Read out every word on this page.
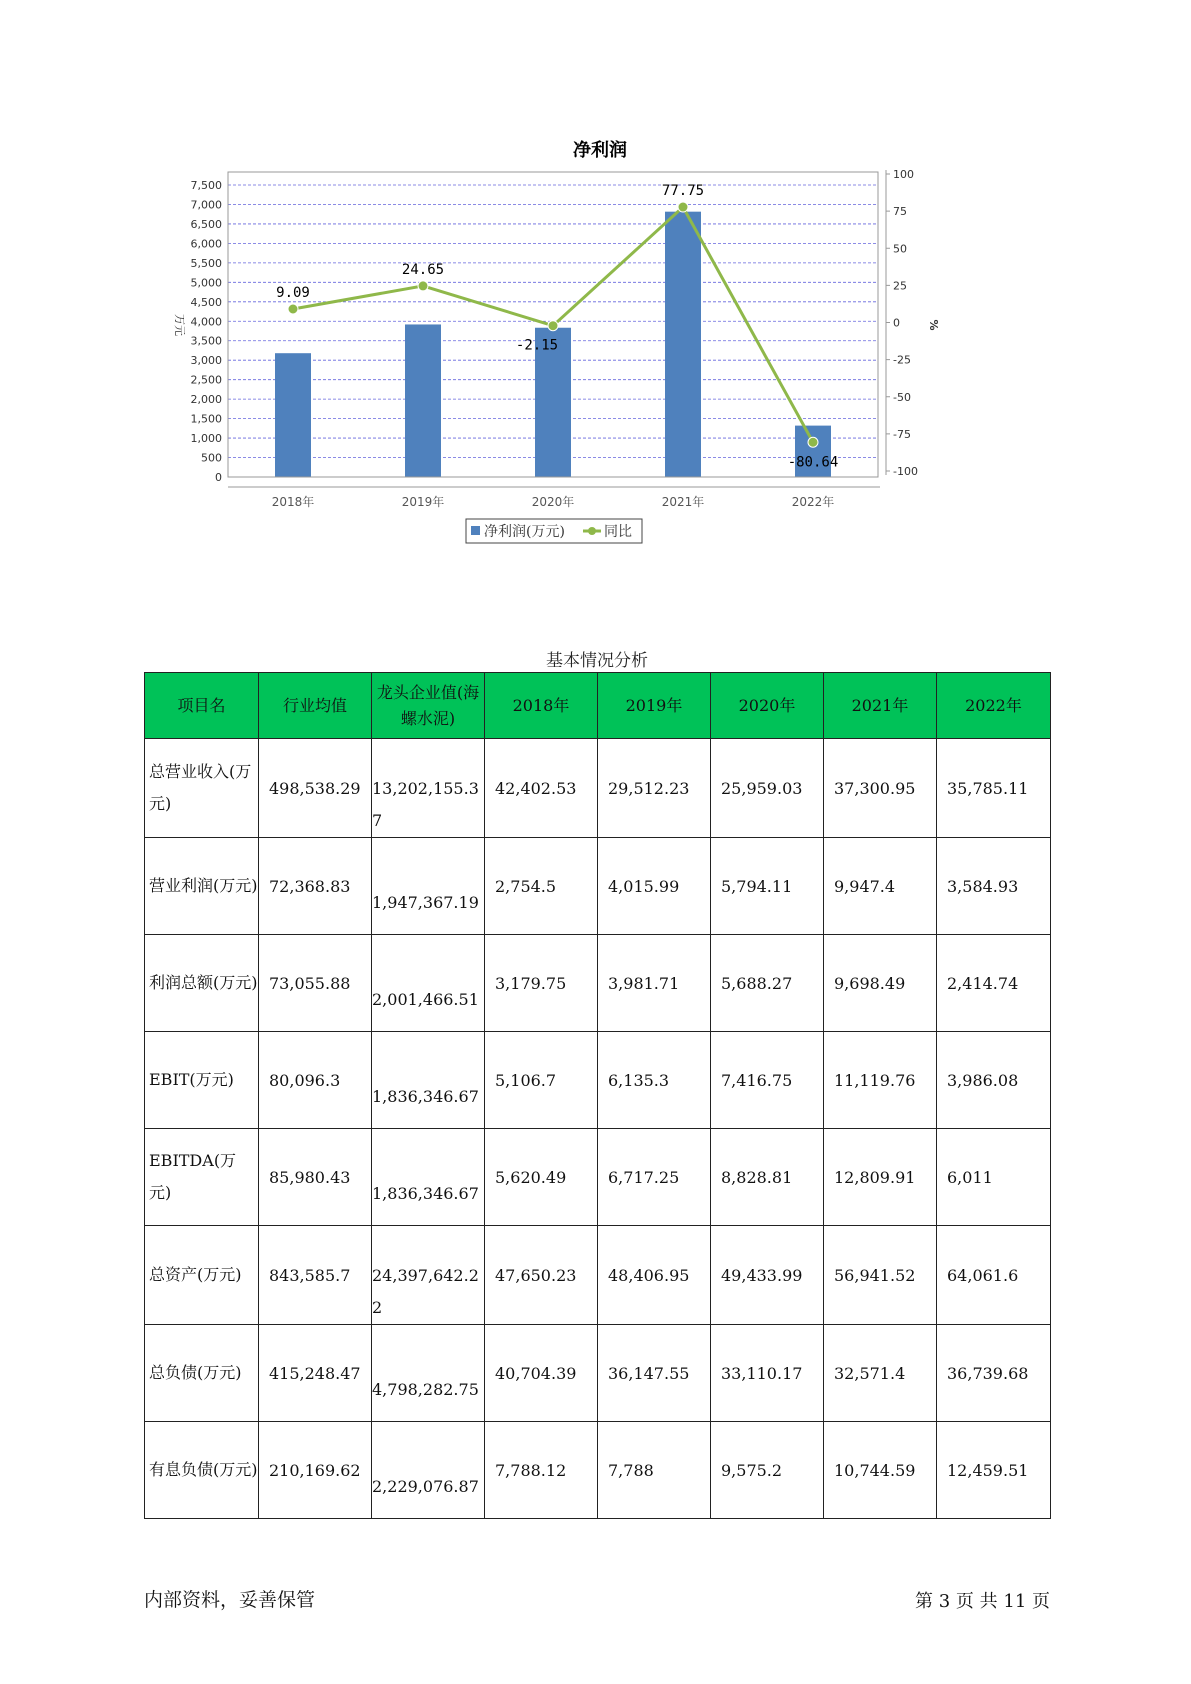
净利润
0
500
1,000
1,500
2,000
2,500
3,000
3,500
4,000
4,500
5,000
5,500
6,000
6,500
7,000
7,500
100
75
50
25
0
-25
-50
-75
-100
万元	%
2018年	2019年	2020年	2021年	2022年
9.09
24.65
-2.15
77.75
-80.64
净利润(万元)	同比
基本情况分析
项目名	行业均值	龙头企业值(海螺水泥)	2018年	2019年	2020年	2021年	2022年
总营业收入(万元)	498,538.29	13,202,155.37	42,402.53	29,512.23	25,959.03	37,300.95	35,785.11
营业利润(万元)	72,368.83	1,947,367.19	2,754.5	4,015.99	5,794.11	9,947.4	3,584.93
利润总额(万元)	73,055.88	2,001,466.51	3,179.75	3,981.71	5,688.27	9,698.49	2,414.74
EBIT(万元)	80,096.3	1,836,346.67	5,106.7	6,135.3	7,416.75	11,119.76	3,986.08
EBITDA(万元)	85,980.43	1,836,346.67	5,620.49	6,717.25	8,828.81	12,809.91	6,011
总资产(万元)	843,585.7	24,397,642.22	47,650.23	48,406.95	49,433.99	56,941.52	64,061.6
总负债(万元)	415,248.47	4,798,282.75	40,704.39	36,147.55	33,110.17	32,571.4	36,739.68
有息负债(万元)	210,169.62	2,229,076.87	7,788.12	7,788	9,575.2	10,744.59	12,459.51
内部资料，妥善保管	第 3 页 共 11 页
